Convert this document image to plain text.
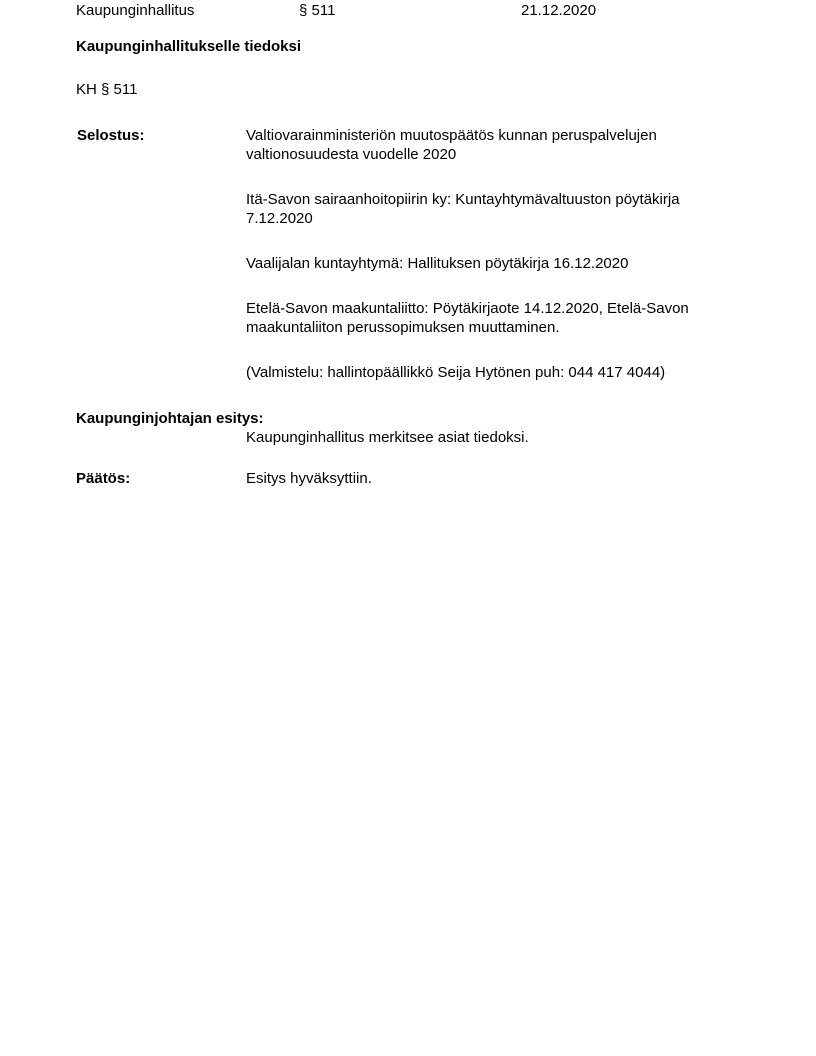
Kaupunginhallitus	§ 511	21.12.2020
Kaupunginhallitukselle tiedoksi
KH § 511
Selostus:	Valtiovarainministeriön muutospäätös kunnan peruspalvelujen valtionosuudesta vuodelle 2020
Itä-Savon sairaanhoitopiirin ky: Kuntayhtymävaltuuston pöytäkirja 7.12.2020
Vaalijalan kuntayhtymä: Hallituksen pöytäkirja 16.12.2020
Etelä-Savon maakuntaliitto: Pöytäkirjaote 14.12.2020, Etelä-Savon maakuntaliiton perussopimuksen muuttaminen.
(Valmistelu: hallintopäällikkö Seija Hytönen puh: 044 417 4044)
Kaupunginjohtajan esitys:
Kaupunginhallitus merkitsee asiat tiedoksi.
Päätös:	Esitys hyväksyttiin.
